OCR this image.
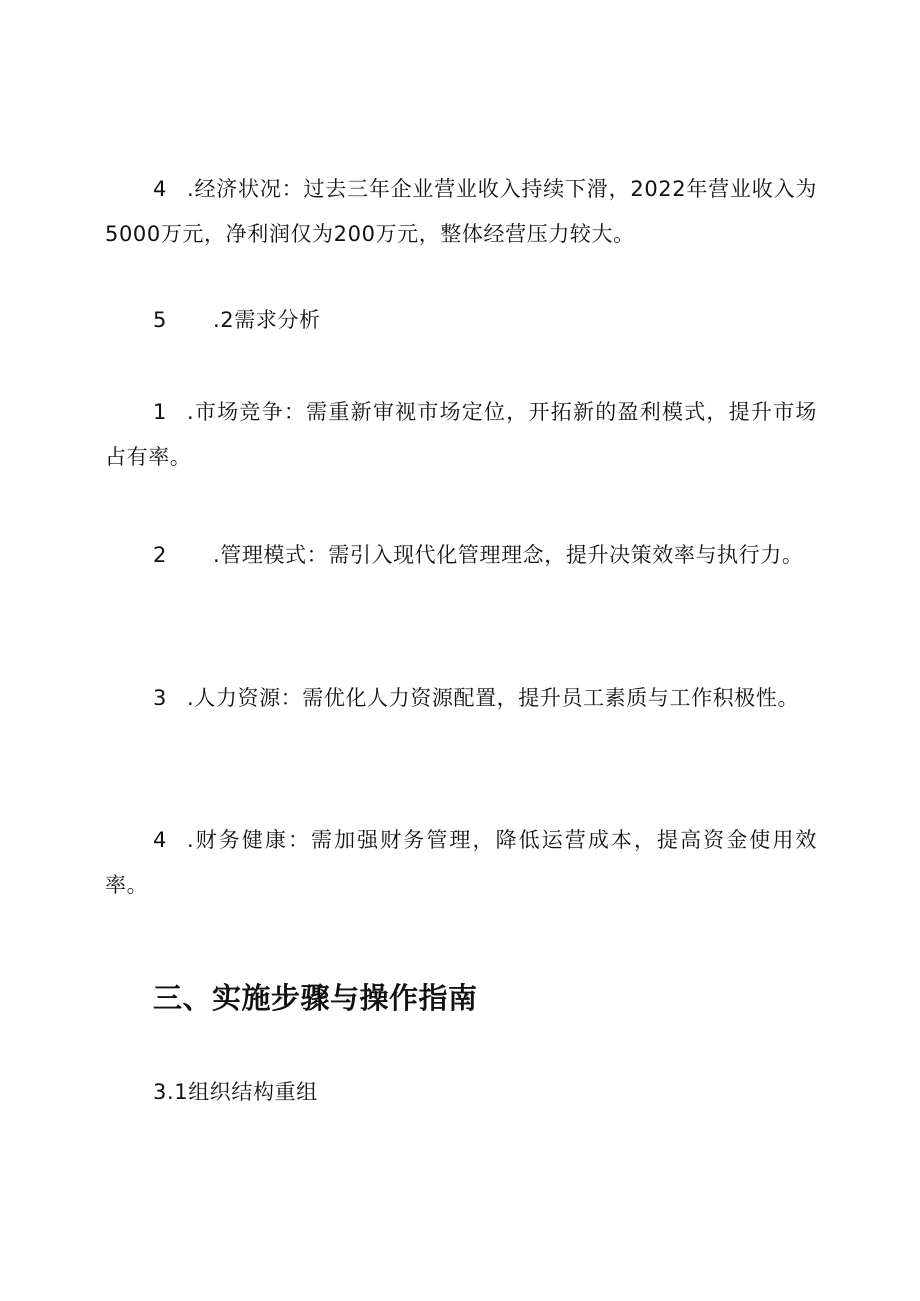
4 .经济状况：过去三年企业营业收入持续下滑，2022年营业收入为5000万元，净利润仅为200万元，整体经营压力较大。

5 .2需求分析

1 .市场竞争：需重新审视市场定位，开拓新的盈利模式，提升市场占有率。

2 .管理模式：需引入现代化管理理念，提升决策效率与执行力。

3 .人力资源：需优化人力资源配置，提升员工素质与工作积极性。

4 .财务健康：需加强财务管理，降低运营成本，提高资金使用效率。

三、实施步骤与操作指南

3.1组织结构重组
